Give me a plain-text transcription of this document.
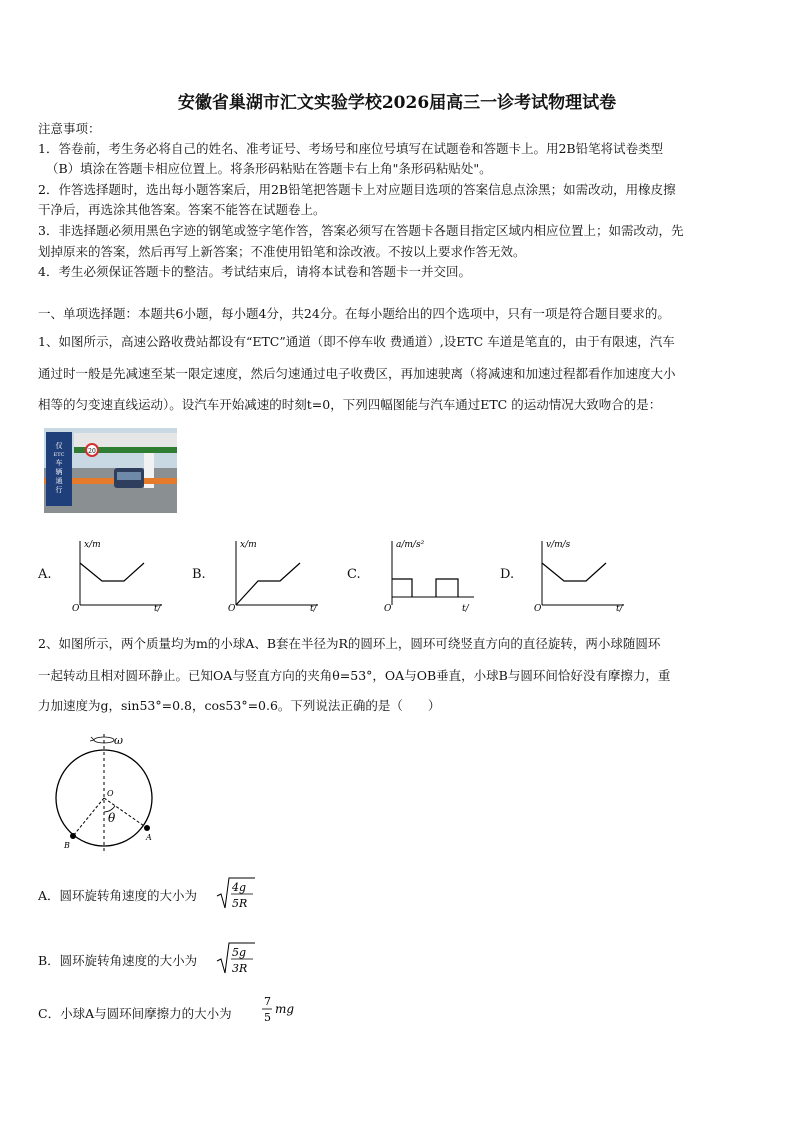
安徽省巢湖市汇文实验学校2026届高三一诊考试物理试卷
注意事项：
1．答卷前，考生务必将自己的姓名、准考证号、考场号和座位号填写在试题卷和答题卡上。用2B铅笔将试卷类型
（B）填涂在答题卡相应位置上。将条形码粘贴在答题卡右上角"条形码粘贴处"。
2．作答选择题时，选出每小题答案后，用2B铅笔把答题卡上对应题目选项的答案信息点涂黑；如需改动，用橡皮擦
干净后，再选涂其他答案。答案不能答在试题卷上。
3．非选择题必须用黑色字迹的钢笔或签字笔作答，答案必须写在答题卡各题目指定区域内相应位置上；如需改动，先
划掉原来的答案，然后再写上新答案；不准使用铅笔和涂改液。不按以上要求作答无效。
4．考生必须保证答题卡的整洁。考试结束后，请将本试卷和答题卡一并交回。
一、单项选择题：本题共6小题，每小题4分，共24分。在每小题给出的四个选项中，只有一项是符合题目要求的。
1、如图所示，高速公路收费站都设有“ETC”通道（即不停车收 费通道）,设ETC 车道是笔直的，由于有限速，汽车
通过时一般是先减速至某一限定速度，然后匀速通过电子收费区，再加速驶离（将减速和加速过程都看作加速度大小
相等的匀变速直线运动）。设汽车开始减速的时刻t=0，下列四幅图能与汽车通过ETC 的运动情况大致吻合的是：
仅
ETC
车
辆
通
行
20
A.
x/m
t/
O
B.
x/m
t/
O
C.
a/m/s²
t/
O
D.
v/m/s
t/
O
2、如图所示，两个质量均为m的小球A、B套在半径为R的圆环上，圆环可绕竖直方向的直径旋转，两小球随圆环
一起转动且相对圆环静止。已知OA与竖直方向的夹角θ=53°，OA与OB垂直，小球B与圆环间恰好没有摩擦力，重
力加速度为g，sin53°=0.8，cos53°=0.6。下列说法正确的是（　　）
ω
θ
O
A
B
A．圆环旋转角速度的大小为
4g
5R
B．圆环旋转角速度的大小为
5g
3R
C．小球A与圆环间摩擦力的大小为
7
5
mg
